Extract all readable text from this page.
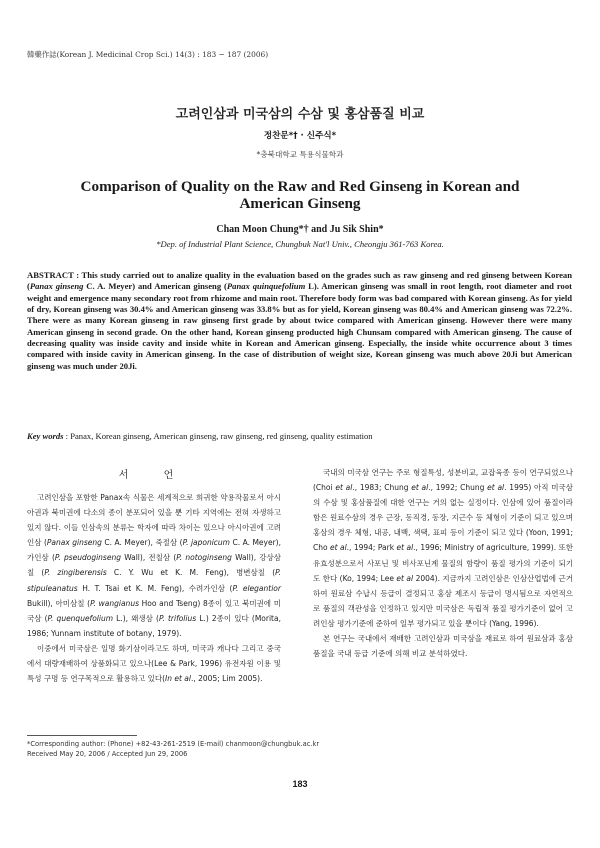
韓藥作誌(Korean J. Medicinal Crop Sci.) 14(3) : 183 − 187 (2006)
고려인삼과 미국삼의 수삼 및 홍삼품질 비교
정찬문*† · 신주식*
*충북대학교 특용식물학과
Comparison of Quality on the Raw and Red Ginseng in Korean and American Ginseng
Chan Moon Chung*† and Ju Sik Shin*
*Dep. of Industrial Plant Science, Chungbuk Nat'l Univ., Cheongju 361-763 Korea.

ABSTRACT : This study carried out to analize quality in the evaluation based on the grades such as raw ginseng and red ginseng between Korean (Panax ginseng C. A. Meyer) and American ginseng (Panax quinquefolium L). American ginseng was small in root length, root diameter and root weight and emergence many secondary root from rhizome and main root. Therefore body form was bad compared with Korean ginseng. As for yield of dry, Korean ginseng was 30.4% and American ginseng was 33.8% but as for yield, Korean ginseng was 80.4% and American ginseng was 72.2%. There were as many Korean ginseng in raw ginseng first grade by about twice compared with American ginseng. However there were many American ginseng in second grade. On the other hand, Korean ginseng producted high Chunsam compared with American ginseng. The cause of decreasing quality was inside cavity and inside white in Korean and American ginseng. Especially, the inside white occurrence about 3 times compared with inside cavity in American ginseng. In the case of distribution of weight size, Korean ginseng was much above 20Ji but American ginseng was much under 20Ji.

Key words : Panax, Korean ginseng, American ginseng, raw ginseng, red ginseng, quality estimation

서 언

고려인삼을 포함한 Panax속 식물은 세계적으로 희귀한 약용작물로서 아시아권과 북미권에 다소의 종이 분포되어 있을 뿐 기타 지역에는 전혀 자생하고 있지 않다. 이들 인삼속의 분류는 학자에 따라 차이는 있으나 아시아권에 고려인삼 (Panax ginseng C. A. Meyer), 죽절삼 (P. japonicum C. A. Meyer), 가인삼 (P. pseudoginseng Wall), 전칠삼 (P. notoginseng Wall), 강상삼칠 (P. zingiberensis C. Y. Wu et K. M. Feng), 병변삼칠 (P. stipuleanatus H. T. Tsai et K. M. Feng), 수려가인삼 (P. elegantior Bukill), 아미삼칠 (P. wangianus Hoo and Tseng) 8종이 있고 북미권에 미국삼 (P. quenquefolium L.), 왜생삼 (P. trifolius L.) 2종이 있다 (Morita, 1986; Yunnam institute of botany, 1979).

이중에서 미국삼은 일명 화기삼이라고도 하며, 미국과 캐나다 그리고 중국에서 대량재배하여 상품화되고 있으나(Lee & Park, 1996) 유전자원 이용 및 특성 구명 등 연구목적으로 활용하고 있다(In et al., 2005; Lim 2005).

국내의 미국삼 연구는 주로 형질특성, 성분비교, 교잡육종 등이 연구되었으나 (Choi et al., 1983; Chung et al., 1992; Chung et al. 1995) 아직 미국삼의 수삼 및 홍삼품질에 대한 연구는 거의 없는 실정이다. 인삼에 있어 품질이라 함은 원료수삼의 경우 근장, 동직경, 동장, 지근수 등 체형이 기준이 되고 있으며 홍삼의 경우 체형, 내공, 내백, 색택, 표피 등이 기준이 되고 있다 (Yoon, 1991; Cho et al., 1994; Park et al., 1996; Ministry of agriculture, 1999). 또한 유효성분으로서 사포닌 및 비사포닌계 물질의 함량이 품질 평가의 기준이 되기도 한다 (Ko, 1994; Lee et al 2004). 지금까지 고려인삼은 인삼산업법에 근거하여 원료삼 수납시 등급이 결정되고 홍삼 제조시 등급이 명시됨으로 자연적으로 품질의 객관성을 인정하고 있지만 미국삼은 독립적 품질 평가기준이 없어 고려인삼 평가기준에 준하여 일부 평가되고 있을 뿐이다 (Yang, 1996).

본 연구는 국내에서 재배한 고려인삼과 미국삼을 재료로 하여 원료삼과 홍삼품질을 국내 등급 기준에 의해 비교 분석하였다.

*Corresponding author: (Phone) +82-43-261-2519 (E-mail) chanmoon@chungbuk.ac.kr
Received May 20, 2006 / Accepted Jun 29, 2006
183
